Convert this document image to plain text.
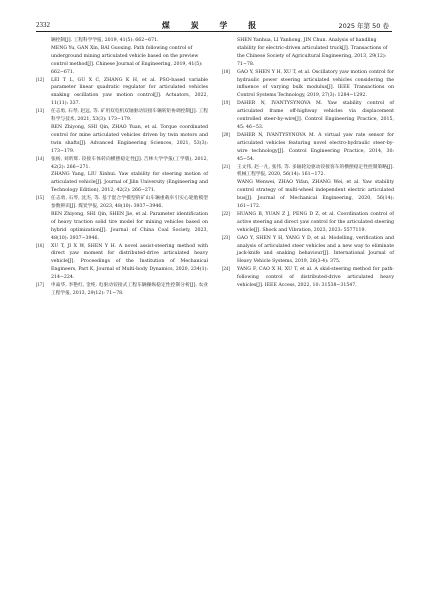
2332	煤 炭 学 报	2025 年第 50 卷
辆控制[J]. 工程科学学报, 2019, 41(5): 662−671.
MENG Yu, GAN Xin, BAI Guoxing. Path following control of underground mining articulated vehicle based on the preview control method[J]. Chinese Journal of Engineering, 2019, 41(5): 662−671.
[12] LEI T L, GU X C, ZHANG K H, et al. PSO-based variable parameter linear quadratic regulator for articulated vehicles snaking oscillation yaw motion control[J]. Actuators, 2022, 11(11): 337.
[13] 任志勇, 石琴, 赵远, 等. 矿用双电机双轴驱动铰接车辆转矩协调控制[J]. 工程科学与技术, 2021, 53(3): 173−179.
REN Zhiyong, SHI Qin, ZHAO Yuan, et al. Torque coordinated control for mine articulated vehicles driven by twin motors and twin shafts[J]. Advanced Engineering Sciences, 2021, 53(3): 173−179.
[14] 张杨, 刘昕辉. 铰接车体转向横摆稳定性[J]. 吉林大学学报(工学版), 2012, 42(2): 266−271.
ZHANG Yang, LIU Xinhui. Yaw stability for steering motion of articulated vehicle[J]. Journal of Jilin University (Engineering and Technology Edition), 2012, 42(2): 266−271.
[15] 任志勇, 石琴, 沈杰, 等. 基于混合学模型的矿山车辆重载牵引实心轮胎模型参数辨识[J]. 煤炭学报, 2023, 48(10): 3937−3946.
REN Zhiyong, SHI Qin, SHEN Jie, et al. Parameter identification of heavy traction solid tire model for mining vehicles based on hybrid optimization[J]. Journal of China Coal Society, 2023, 48(10): 3937−3946.
[16] XU T, JI X W, SHEN Y H. A novel assist-steering method with direct yaw moment for distributed-drive articulated heavy vehicle[J]. Proceedings of the Institution of Mechanical Engineers, Part K, Journal of Multi-body Dynamics, 2020, 234(1): 214−224.
[17] 申焱华, 李艳红, 金纯. 电驱动铰接式工程车辆操纵稳定性控制分析[J]. 农业工程学报, 2013, 29(12): 71−78.
SHEN Yanhua, LI Yanhong, JIN Chun. Analysis of handling stability for electric-driven articulated truck[J]. Transactions of the Chinese Society of Agricultural Engineering, 2013, 29(12): 71−78.
[18] GAO Y, SHEN Y H, XU T, et al. Oscillatory yaw motion control for hydraulic power steering articulated vehicles considering the influence of varying bulk modulus[J]. IEEE Transactions on Control Systems Technology, 2019, 27(3): 1284−1292.
[19] DAHER N, IVANTYSYNOVA M. Yaw stability control of articulated frame off-highway vehicles via displacement controlled steer-by-wire[J]. Control Engineering Practice, 2015, 45: 46−53.
[20] DAHER N, IVANTYSYNOVA M. A virtual yaw rate sensor for articulated vehicles featuring novel electro-hydraulic steer-by-wire technology[J]. Control Engineering Practice, 2014, 30: 45−54.
[21] 王文伟, 赵一凡, 张伟, 等. 多轴轮边驱动铰接客车的横摆稳定性控制策略[J]. 机械工程学报, 2020, 56(14): 161−172.
WANG Wenwei, ZHAO Yifan, ZHANG Wei, et al. Yaw stability control strategy of multi-wheel independent electric articulated bus[J]. Journal of Mechanical Engineering, 2020, 56(14): 161−172.
[22] HUANG B, YUAN Z J, PENG D Z, et al. Coordination control of active steering and direct yaw control for the articulated steering vehicle[J]. Shock and Vibration, 2023, 2023: 5577119.
[23] GAO Y, SHEN Y H, YANG Y D, et al. Modelling, verification and analysis of articulated steer vehicles and a new way to eliminate jack-knife and snaking behaviour[J]. International Journal of Heavy Vehicle Systems, 2019, 26(3-4): 375.
[24] YANG F, CAO X H, XU T, et al. A skid-steering method for path-following control of distributed-drive articulated heavy vehicles[J]. IEEE Access, 2022, 10: 31538−31547.
